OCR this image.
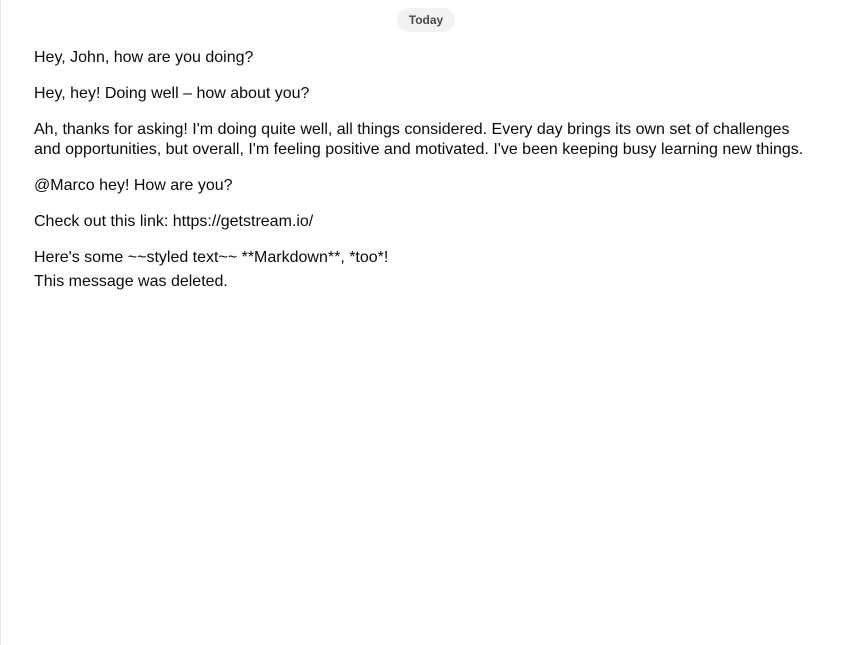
Today

Hey, John, how are you doing?

Hey, hey! Doing well – how about you?

Ah, thanks for asking! I'm doing quite well, all things considered. Every day brings its own set of challenges and opportunities, but overall, I'm feeling positive and motivated. I've been keeping busy learning new things.

@Marco hey! How are you?

Check out this link: https://getstream.io/

Here's some ~~styled text~~ **Markdown**, *too*!

This message was deleted.
